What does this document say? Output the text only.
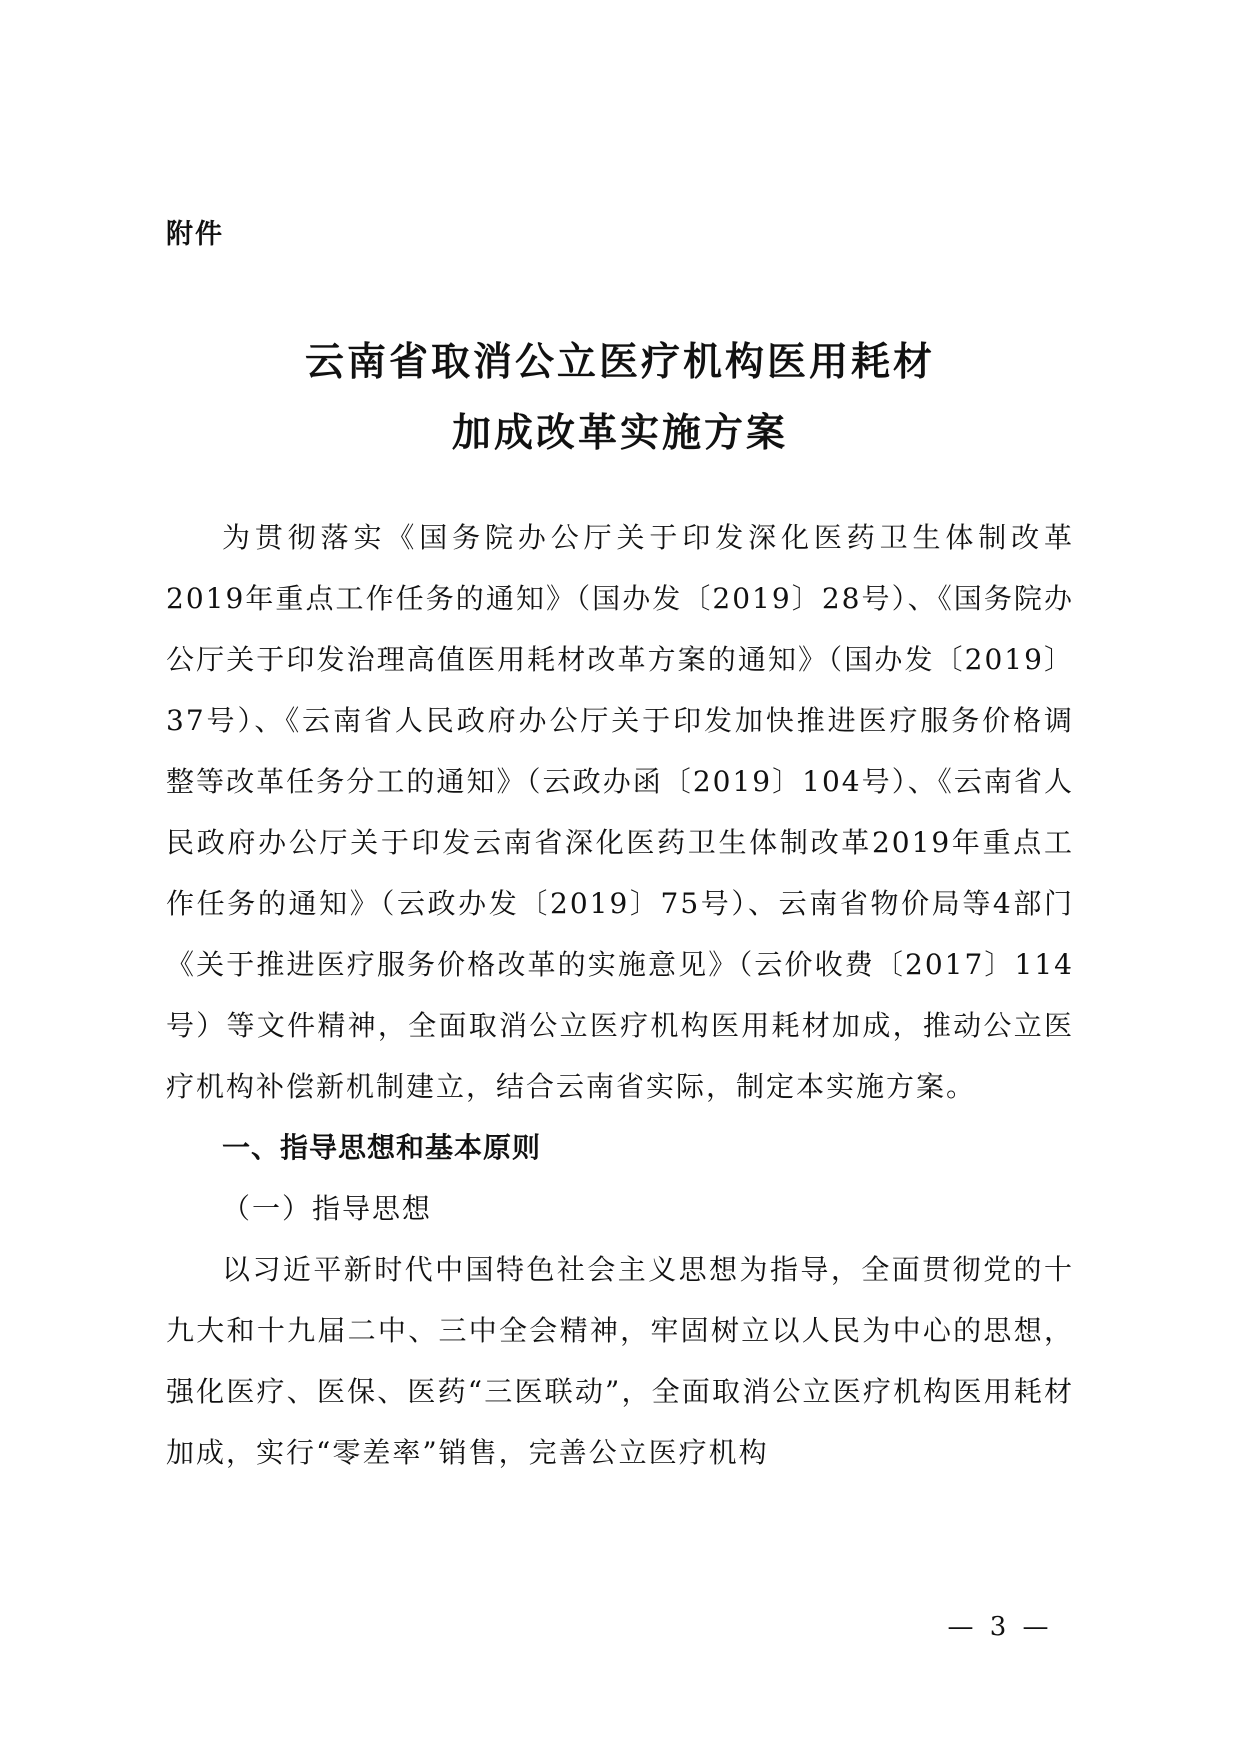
附件
云南省取消公立医疗机构医用耗材
加成改革实施方案

为贯彻落实《国务院办公厅关于印发深化医药卫生体制改革2019年重点工作任务的通知》（国办发〔2019〕28号）、《国务院办公厅关于印发治理高值医用耗材改革方案的通知》（国办发〔2019〕37号）、《云南省人民政府办公厅关于印发加快推进医疗服务价格调整等改革任务分工的通知》（云政办函〔2019〕104号）、《云南省人民政府办公厅关于印发云南省深化医药卫生体制改革2019年重点工作任务的通知》（云政办发〔2019〕75号）、云南省物价局等4部门《关于推进医疗服务价格改革的实施意见》（云价收费〔2017〕114号）等文件精神，全面取消公立医疗机构医用耗材加成，推动公立医疗机构补偿新机制建立，结合云南省实际，制定本实施方案。

一、指导思想和基本原则

（一）指导思想

以习近平新时代中国特色社会主义思想为指导，全面贯彻党的十九大和十九届二中、三中全会精神，牢固树立以人民为中心的思想，强化医疗、医保、医药“三医联动”，全面取消公立医疗机构医用耗材加成，实行“零差率”销售，完善公立医疗机构

— 3 —
